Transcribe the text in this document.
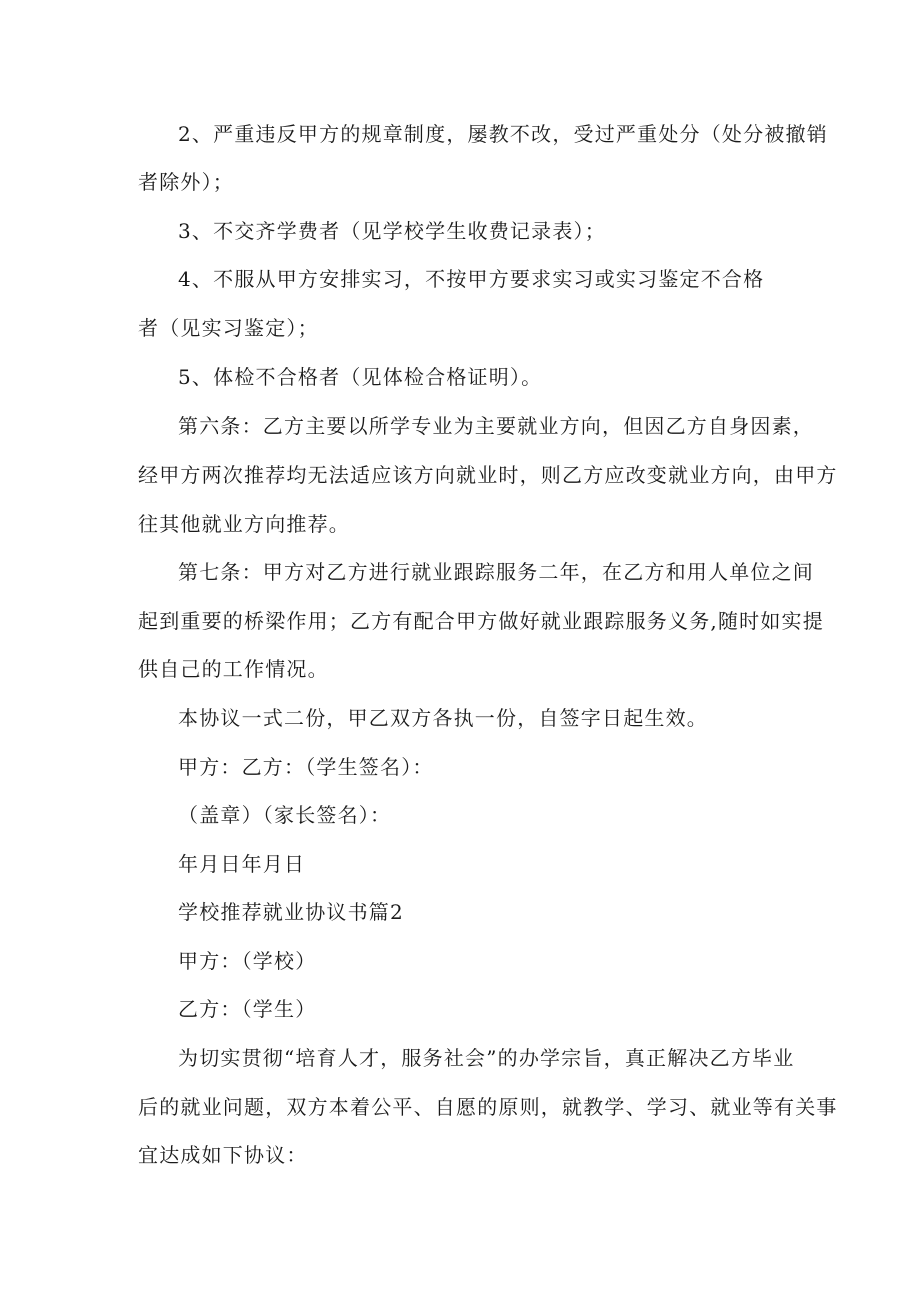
2、严重违反甲方的规章制度，屡教不改，受过严重处分（处分被撤销
者除外）；
3、不交齐学费者（见学校学生收费记录表）；
4、不服从甲方安排实习，不按甲方要求实习或实习鉴定不合格
者（见实习鉴定）；
5、体检不合格者（见体检合格证明）。
第六条：乙方主要以所学专业为主要就业方向，但因乙方自身因素，
经甲方两次推荐均无法适应该方向就业时，则乙方应改变就业方向，由甲方
往其他就业方向推荐。
第七条：甲方对乙方进行就业跟踪服务二年，在乙方和用人单位之间
起到重要的桥梁作用；乙方有配合甲方做好就业跟踪服务义务,随时如实提
供自己的工作情况。
本协议一式二份，甲乙双方各执一份，自签字日起生效。
甲方：乙方：（学生签名）：
（盖章）（家长签名）：
年月日年月日
学校推荐就业协议书篇2
甲方：（学校）
乙方：（学生）
为切实贯彻“培育人才，服务社会”的办学宗旨，真正解决乙方毕业
后的就业问题，双方本着公平、自愿的原则，就教学、学习、就业等有关事
宜达成如下协议：
